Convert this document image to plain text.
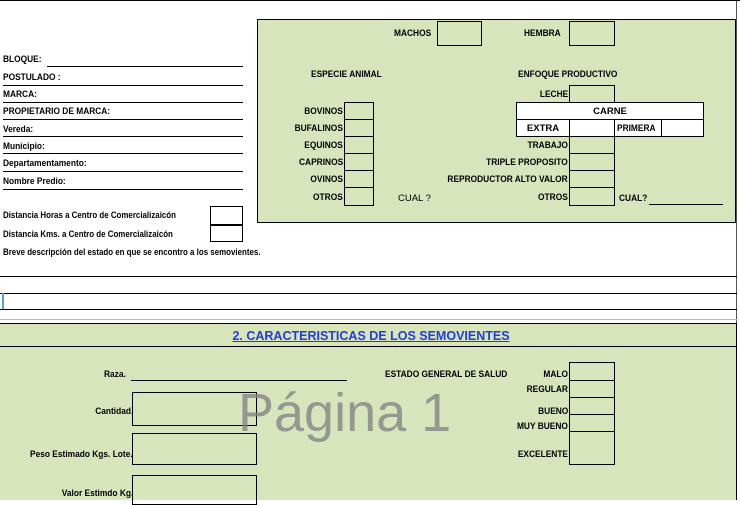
BLOQUE:
POSTULADO :
MARCA:
PROPIETARIO DE MARCA:
Vereda:
Municipio:
Departamentamento:
Nombre Predio:
Distancia Horas a Centro de Comercializaicón
Distancia Kms. a Centro de Comercializaicón
Breve descripción del estado en que se encontro a los semovientes.
MACHOS	HEMBRA
ESPECIE ANIMAL	ENFOQUE PRODUCTIVO
BOVINOS
BUFALINOS
EQUINOS
CAPRINOS
OVINOS
OTROS	CUAL ?
LECHE
CARNE
EXTRA	PRIMERA
TRABAJO
TRIPLE PROPOSITO
REPRODUCTOR ALTO VALOR
OTROS	CUAL?
2. CARACTERISTICAS DE LOS SEMOVIENTES
Raza.
Cantidad.
Peso Estimado Kgs. Lote.
Valor Estimdo Kg.
ESTADO GENERAL DE SALUD	MALO
REGULAR
BUENO
MUY BUENO
EXCELENTE
Página 1
